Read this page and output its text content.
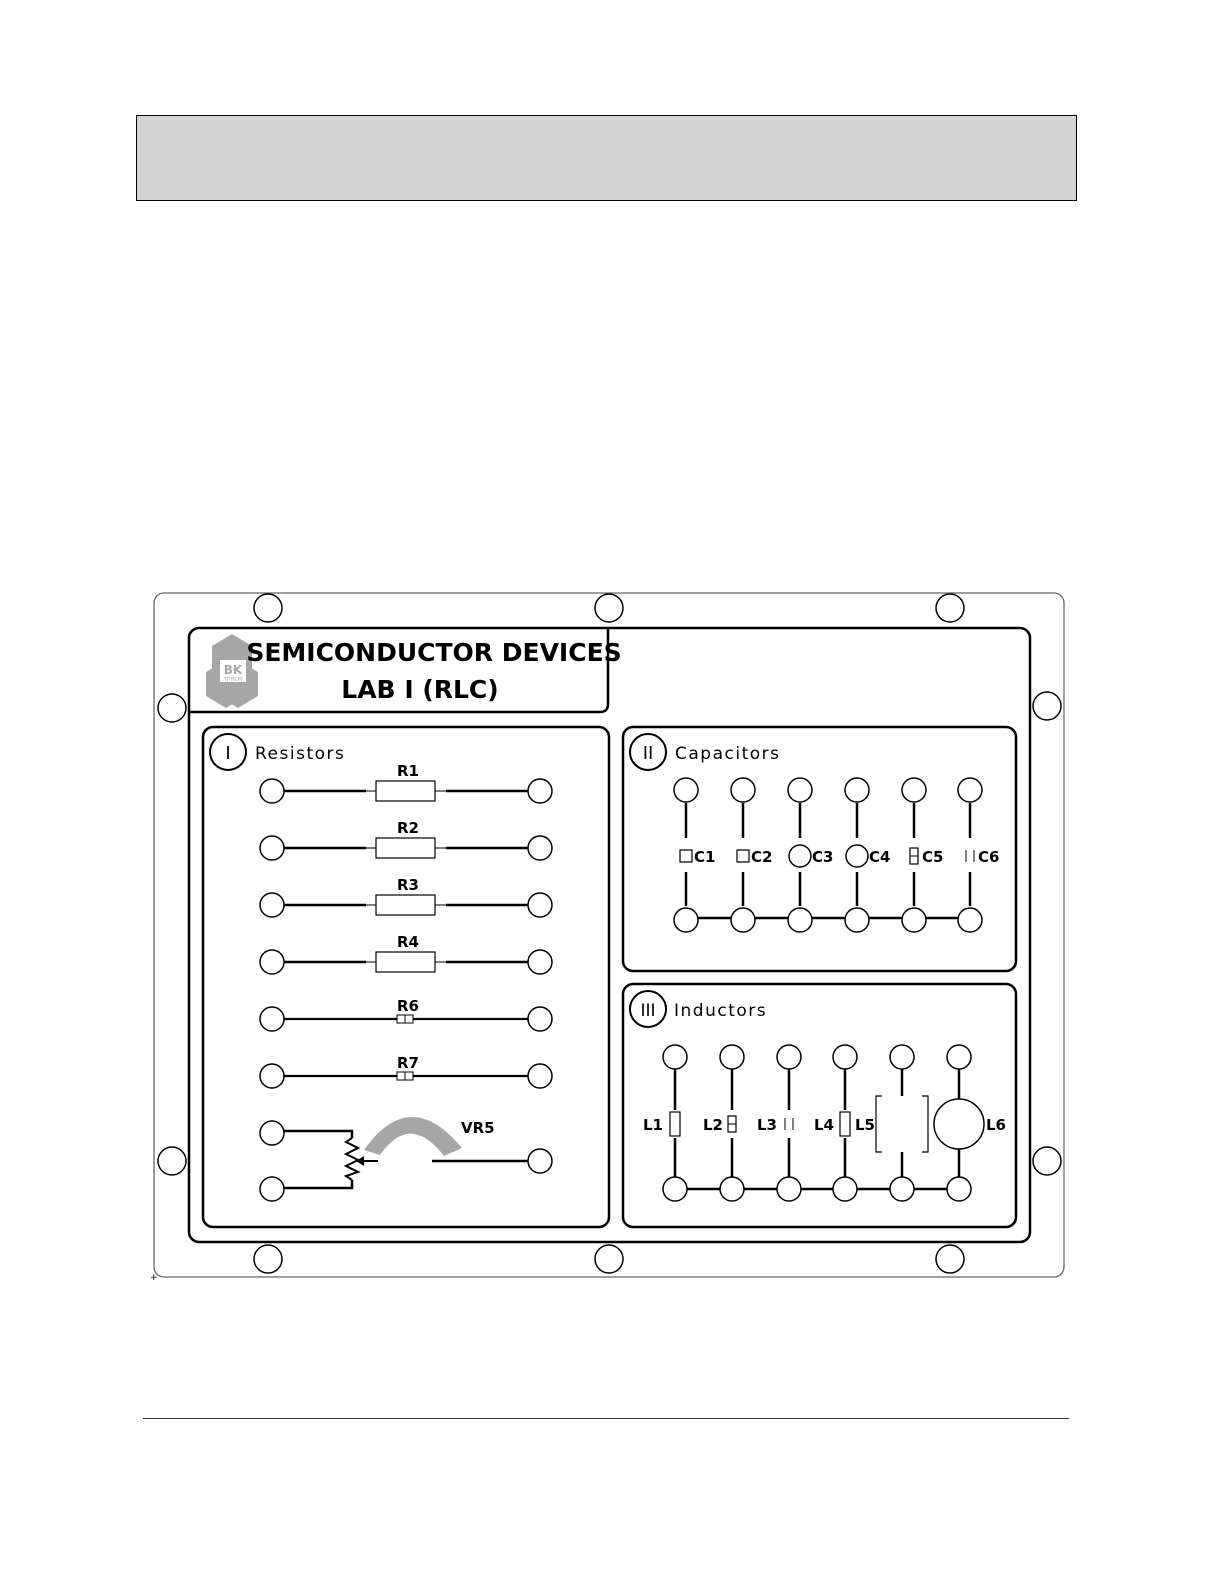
BK
TP.HCM
SEMICONDUCTOR DEVICES
LAB I (RLC)
I Resistors	II Capacitors
III Inductors
R1
R2
R3
R4
R6
R7
VR5
C1 C2	C3 C4 C5 C6
L1	L2 L3 L4 L5	L6
+
